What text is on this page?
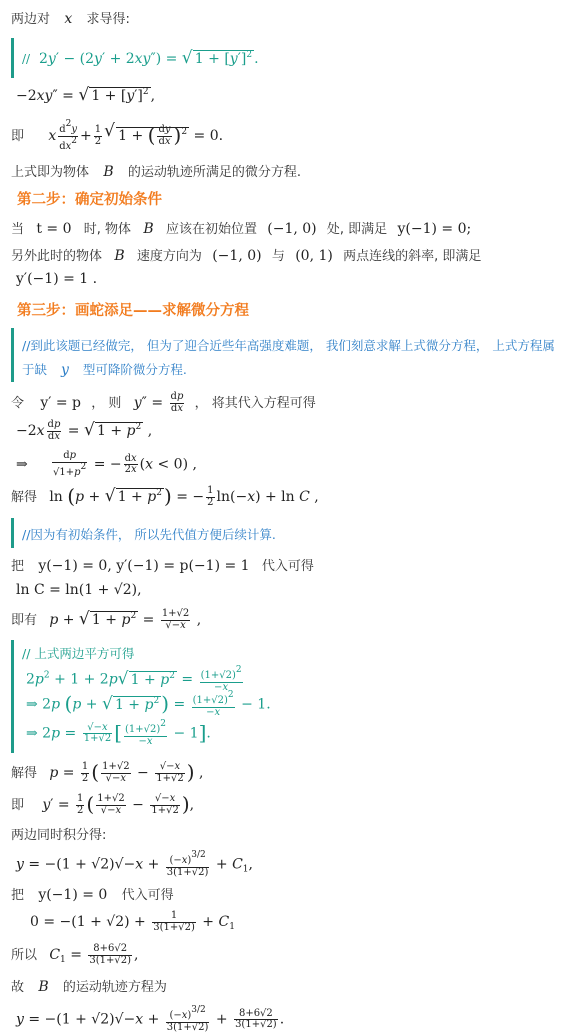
两边对 x 求导得:
//  2y′ − (2y′ + 2xy″) = √ $1 + [y']^2$ .
−2xy″ = √ $1 + [y']^2$ ,
即 x $\frac{d2y}{dx2} + \frac{1}{2}$
√ 1 + ( $\frac{dy}{dx} )^2 = 0$.
上式即为物体 B 的运动轨迹所满足的微分方程.
第二步：确定初始条件
当 t = 0 时, 物体 B 应该在初始位置 (−1, 0) 处, 即满足 y(−1) = 0;
另外此时的物体 B 速度方向为 (−1, 0) 与 (0, 1) 两点连线的斜率, 即满足
y′(−1) = 1 .
第三步：画蛇添足——求解微分方程
//到此该题已经做完， 但为了迎合近些年高强度难题， 我们刻意求解上式微分方程， 上式方程属
于缺 y 型可降阶微分方程.
令 y′ = p ， 则 $y'' = \frac{dp}{dx}$ ， 将其代入方程可得
$-2x \frac{dp}{dx}$ = √ $1 + p^2$ ,
⇒ $\frac{dp}{√1+p2}$ = − $\frac{dx}{2x} (x < 0)$ ,
解得 ln (p + √ $1 + p^2$ ) = − $\frac{1}{2} \ln(-x) + \ln C$ ,
//因为有初始条件， 所以先代值方便后续计算.
把 y(−1) = 0, y′(−1) = p(−1) = 1 代入可得
ln C = ln(1 + √2),
即有 p + √ $1 + p^2 = \frac{1+√2}{√-x}$ ,
// 上式两边平方可得
$2p^2 + 1 + 2p√$ $1 + p^2 = \frac{(1+√2)2}{-x}$
⇒ 2p (p + √ $1 + p^2$ ) = $\frac{(1+√2)2}{-x} - 1$.
⇒ $2p = \frac{√-x}{1+√2}$ [ $\frac{(1+√2)2}{-x} - 1$].
解得 $p = \frac{1}{2}$ ( $\frac{1+√2}{√-x} - \frac{√-x}{1+√2}$ ) ,
即 $y' = \frac{1}{2}$ ( $\frac{1+√2}{√-x} - \frac{√-x}{1+√2}$ ),
两边同时积分得:
$y = -(1 + √2)√-x + \frac{(-x)3/2}{3(1+√2)} + C_1$,
把 y(−1) = 0 代入可得
$0 = -(1 + √2) + \frac{1}{3(1+√2)} + C_1$
所以 $C_1 = \frac{8+6√2}{3(1+√2)}$ ,
故 B 的运动轨迹方程为
$y = -(1 + √2)√-x + \frac{(-x)3/2}{3(1+√2)} + \frac{8+6√2}{3(1+√2)}$ .
